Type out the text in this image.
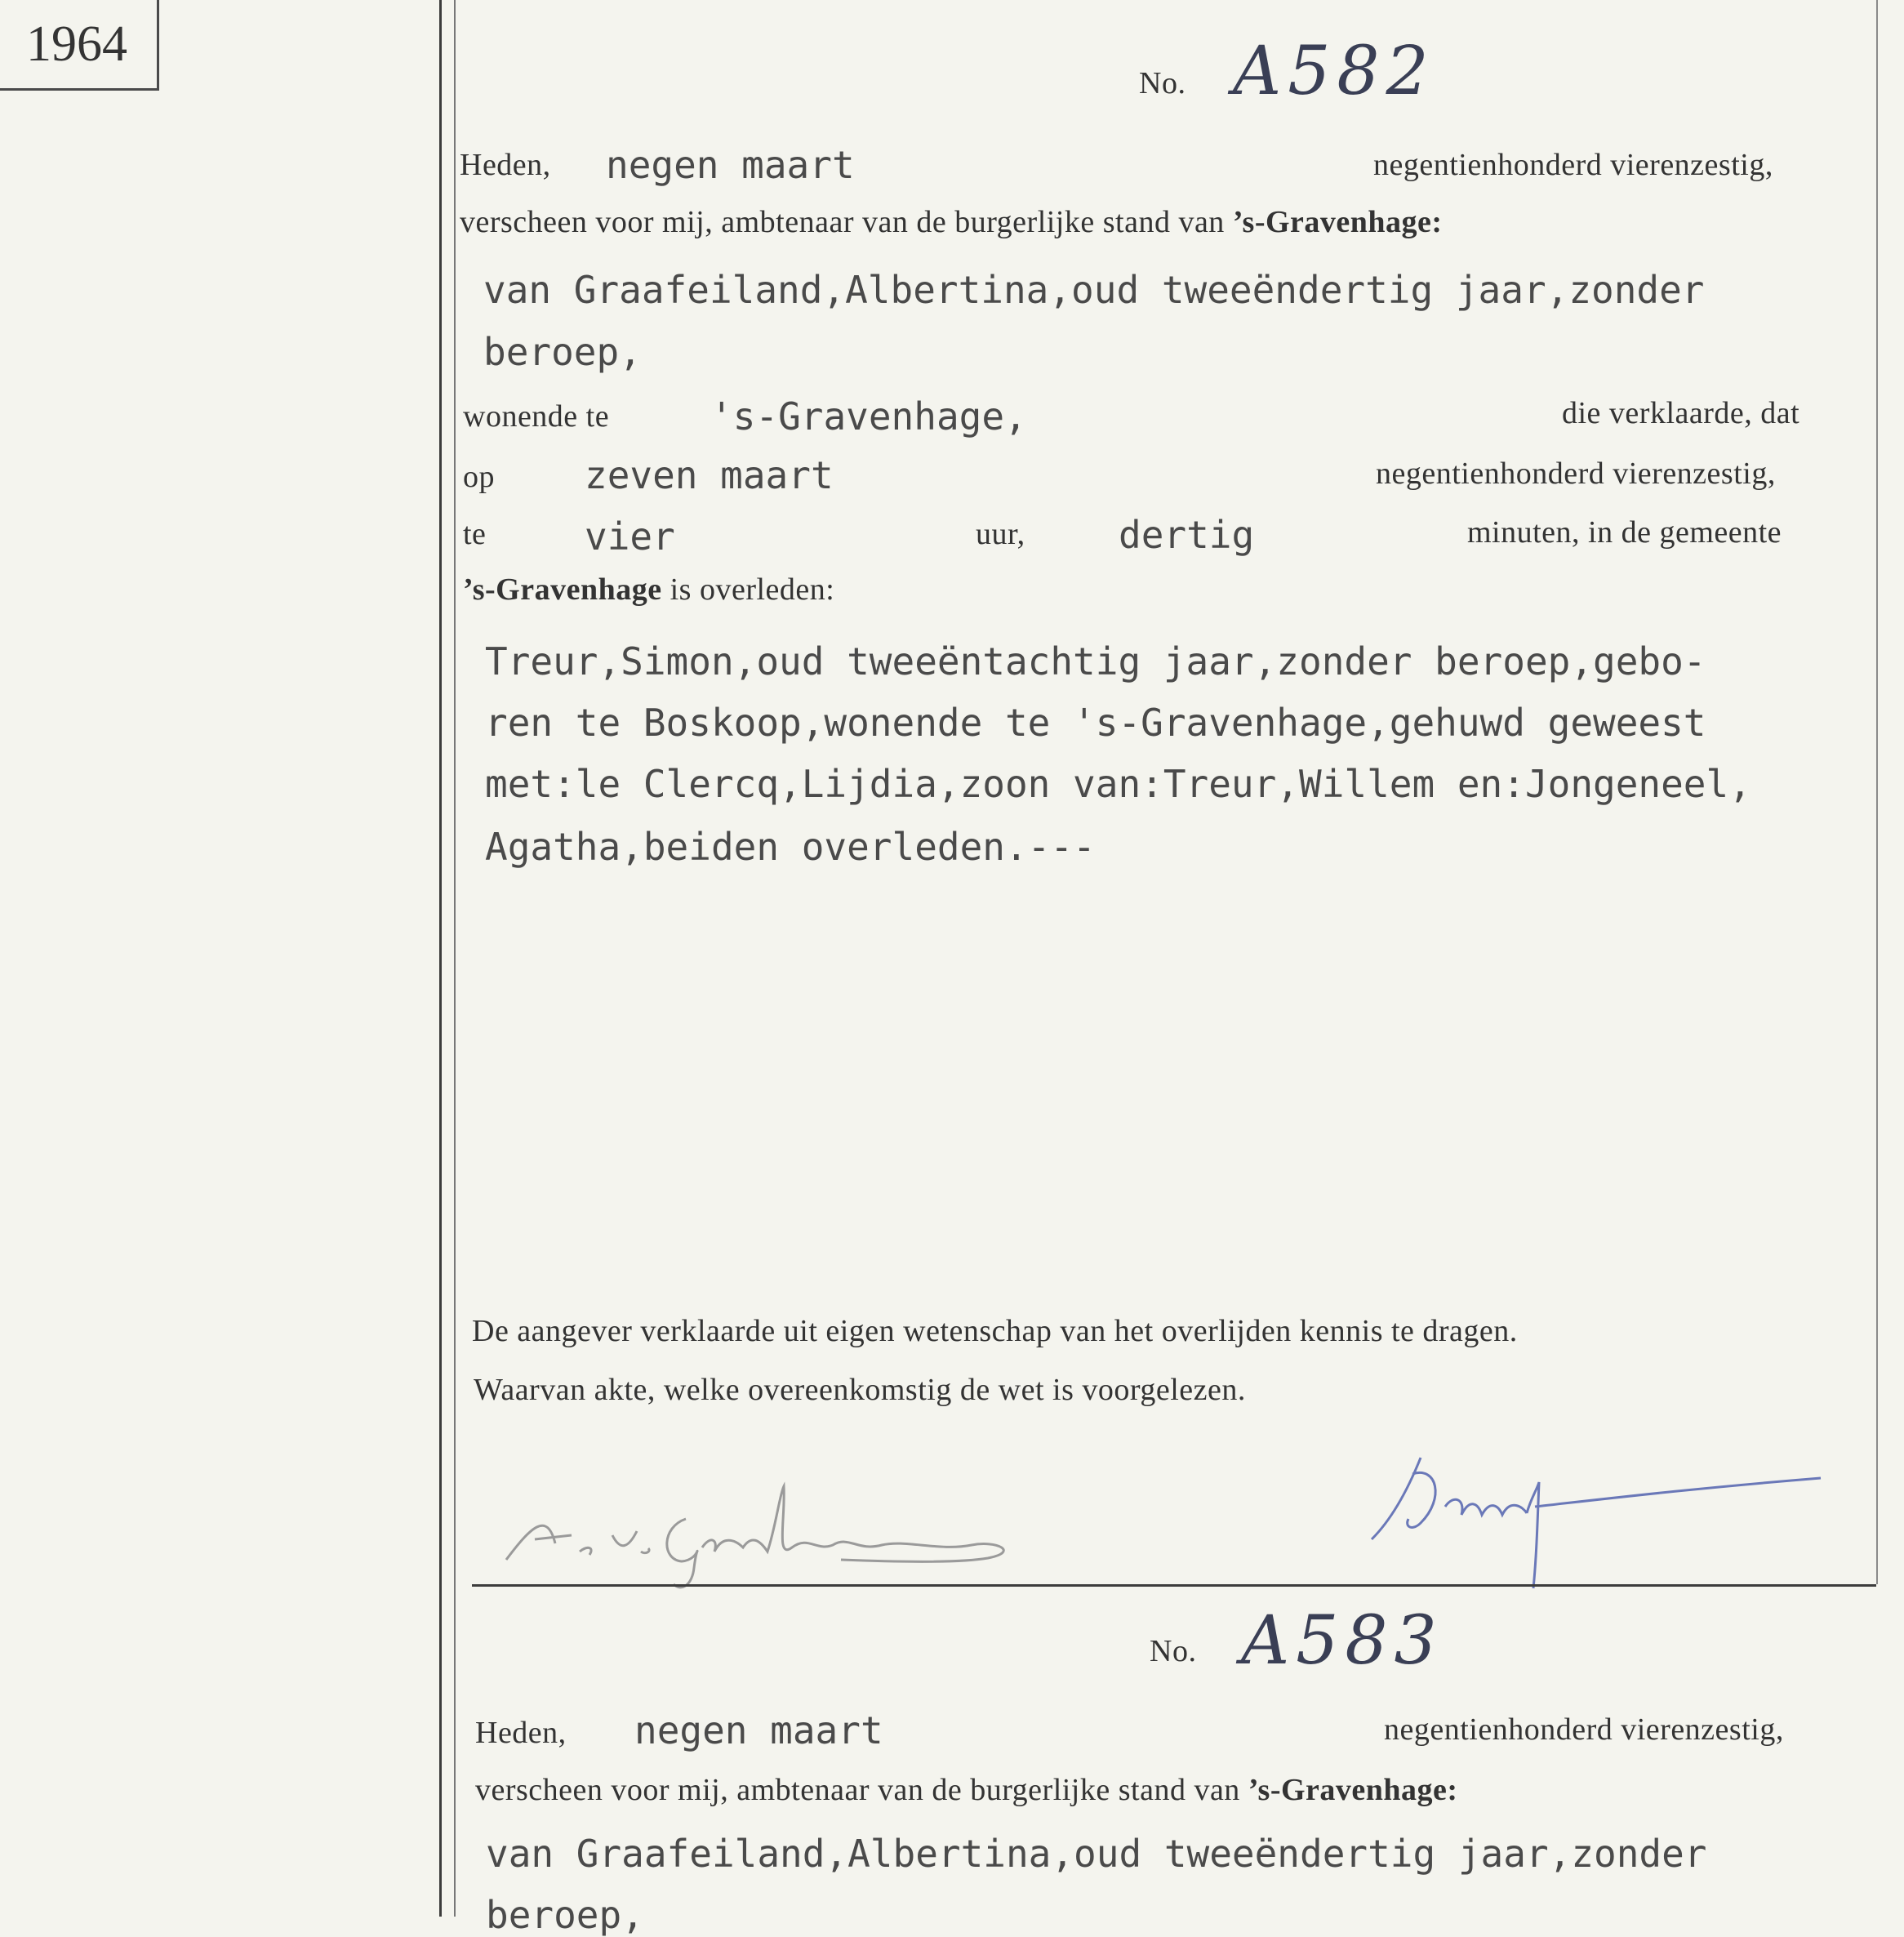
1964
No. A582
Heden, negen maart	negentienhonderd vierenzestig,
verscheen voor mij, ambtenaar van de burgerlijke stand van ’s-Gravenhage:
van Graafeiland,Albertina,oud tweeëndertig jaar,zonder
beroep,
wonende te	's-Gravenhage,	die verklaarde, dat
op zeven maart	negentienhonderd vierenzestig,
te	vier	uur, dertig	minuten, in de gemeente
’s-Gravenhage is overleden:
Treur,Simon,oud tweeëntachtig jaar,zonder beroep,gebo-
ren te Boskoop,wonende te 's-Gravenhage,gehuwd geweest
met:le Clercq,Lijdia,zoon van:Treur,Willem en:Jongeneel,
Agatha,beiden overleden.---
De aangever verklaarde uit eigen wetenschap van het overlijden kennis te dragen.
Waarvan akte, welke overeenkomstig de wet is voorgelezen.
No. A583
Heden, negen maart	negentienhonderd vierenzestig,
verscheen voor mij, ambtenaar van de burgerlijke stand van ’s-Gravenhage:
van Graafeiland,Albertina,oud tweeëndertig jaar,zonder
beroep,
